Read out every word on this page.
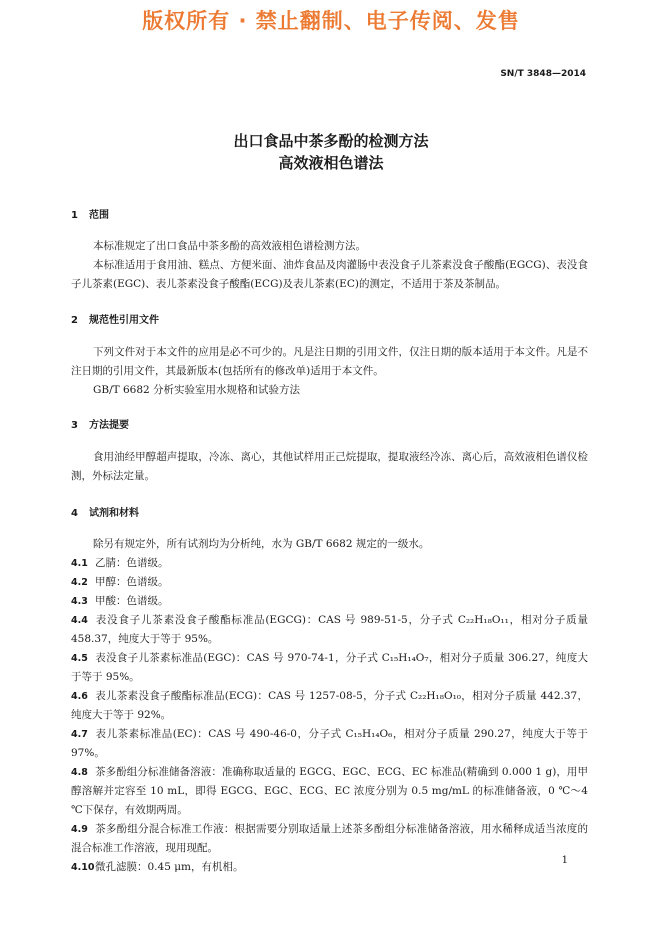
版权所有 · 禁止翻制、电子传阅、发售
SN/T 3848—2014
出口食品中茶多酚的检测方法
高效液相色谱法
1 范围

本标准规定了出口食品中茶多酚的高效液相色谱检测方法。

本标准适用于食用油、糕点、方便米面、油炸食品及肉灌肠中表没食子儿茶素没食子酸酯(EGCG)、表没食子儿茶素(EGC)、表儿茶素没食子酸酯(ECG)及表儿茶素(EC)的测定，不适用于茶及茶制品。

2 规范性引用文件

下列文件对于本文件的应用是必不可少的。凡是注日期的引用文件，仅注日期的版本适用于本文件。凡是不注日期的引用文件，其最新版本(包括所有的修改单)适用于本文件。

GB/T 6682 分析实验室用水规格和试验方法

3 方法提要

食用油经甲醇超声提取，冷冻、离心，其他试样用正己烷提取，提取液经冷冻、离心后，高效液相色谱仪检测，外标法定量。

4 试剂和材料

除另有规定外，所有试剂均为分析纯，水为 GB/T 6682 规定的一级水。

4.1 乙腈：色谱级。

4.2 甲醇：色谱级。

4.3 甲酸：色谱级。

4.4 表没食子儿茶素没食子酸酯标准品(EGCG)：CAS 号 989-51-5，分子式 C₂₂H₁₈O₁₁，相对分子质量 458.37，纯度大于等于 95%。

4.5 表没食子儿茶素标准品(EGC)：CAS 号 970-74-1，分子式 C₁₅H₁₄O₇，相对分子质量 306.27，纯度大于等于 95%。

4.6 表儿茶素没食子酸酯标准品(ECG)：CAS 号 1257-08-5，分子式 C₂₂H₁₈O₁₀，相对分子质量 442.37，纯度大于等于 92%。

4.7 表儿茶素标准品(EC)：CAS 号 490-46-0，分子式 C₁₅H₁₄O₆，相对分子质量 290.27，纯度大于等于 97%。

4.8 茶多酚组分标准储备溶液：准确称取适量的 EGCG、EGC、ECG、EC 标准品(精确到 0.000 1 g)，用甲醇溶解并定容至 10 mL，即得 EGCG、EGC、ECG、EC 浓度分别为 0.5 mg/mL 的标准储备液，0 ℃～4 ℃下保存，有效期两周。

4.9 茶多酚组分混合标准工作液：根据需要分别取适量上述茶多酚组分标准储备溶液，用水稀释成适当浓度的混合标准工作溶液，现用现配。

4.10微孔滤膜：0.45 μm，有机相。

1
